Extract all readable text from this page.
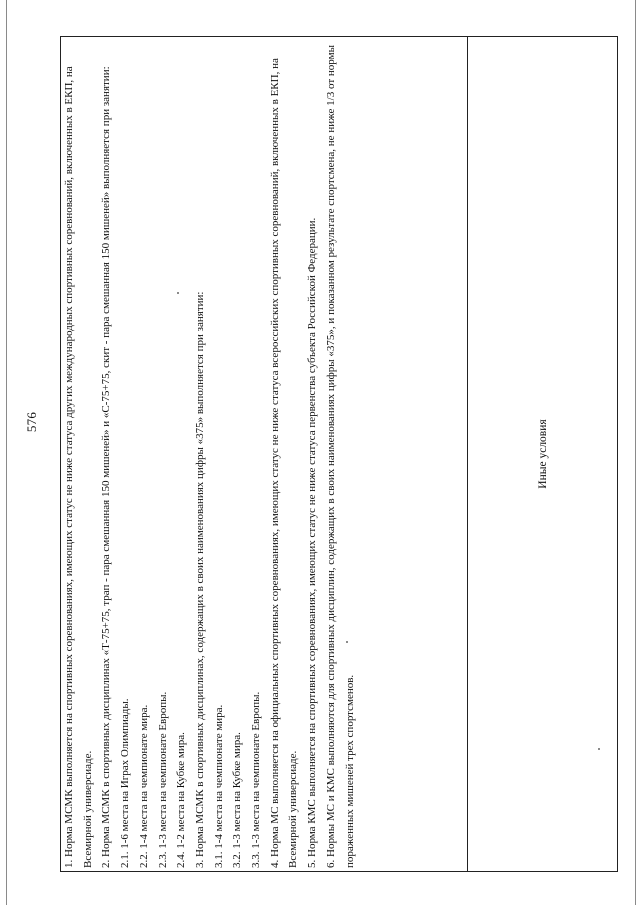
576	Иные условия

1. Норма МСМК выполняется на спортивных соревнованиях, имеющих статус не ниже статуса других международных спортивных соревнований, включенных в ЕКП, на Всемирной универсиаде. 2. Норма МСМК в спортивных дисциплинах «Т-75+75, трап - пара смешанная 150 мишеней» и «С-75+75, скит - пара смешанная 150 мишеней» выполняется при занятии: 2.1. 1-6 места на Играх Олимпиады. 2.2. 1-4 места на чемпионате мира. 2.3. 1-3 места на чемпионате Европы. 2.4. 1-2 места на Кубке мира. 3. Норма МСМК в спортивных дисциплинах, содержащих в своих наименованиях цифры «375» выполняется при занятии: 3.1. 1-4 места на чемпионате мира. 3.2. 1-3 места на Кубке мира. 3.3. 1-3 места на чемпионате Европы. 4. Норма МС выполняется на официальных спортивных соревнованиях, имеющих статус не ниже статуса всероссийских спортивных соревнований, включенных в ЕКП, на Всемирной универсиаде. 5. Норма КМС выполняется на спортивных соревнованиях, имеющих статус не ниже статуса первенства субъекта Российской Федерации. 6. Нормы МС и КМС выполняются для спортивных дисциплин, содержащих в своих наименованиях цифры «375», и показанном результате спортсмена, не ниже 1/3 от нормы пораженных мишеней трех спортсменов.
